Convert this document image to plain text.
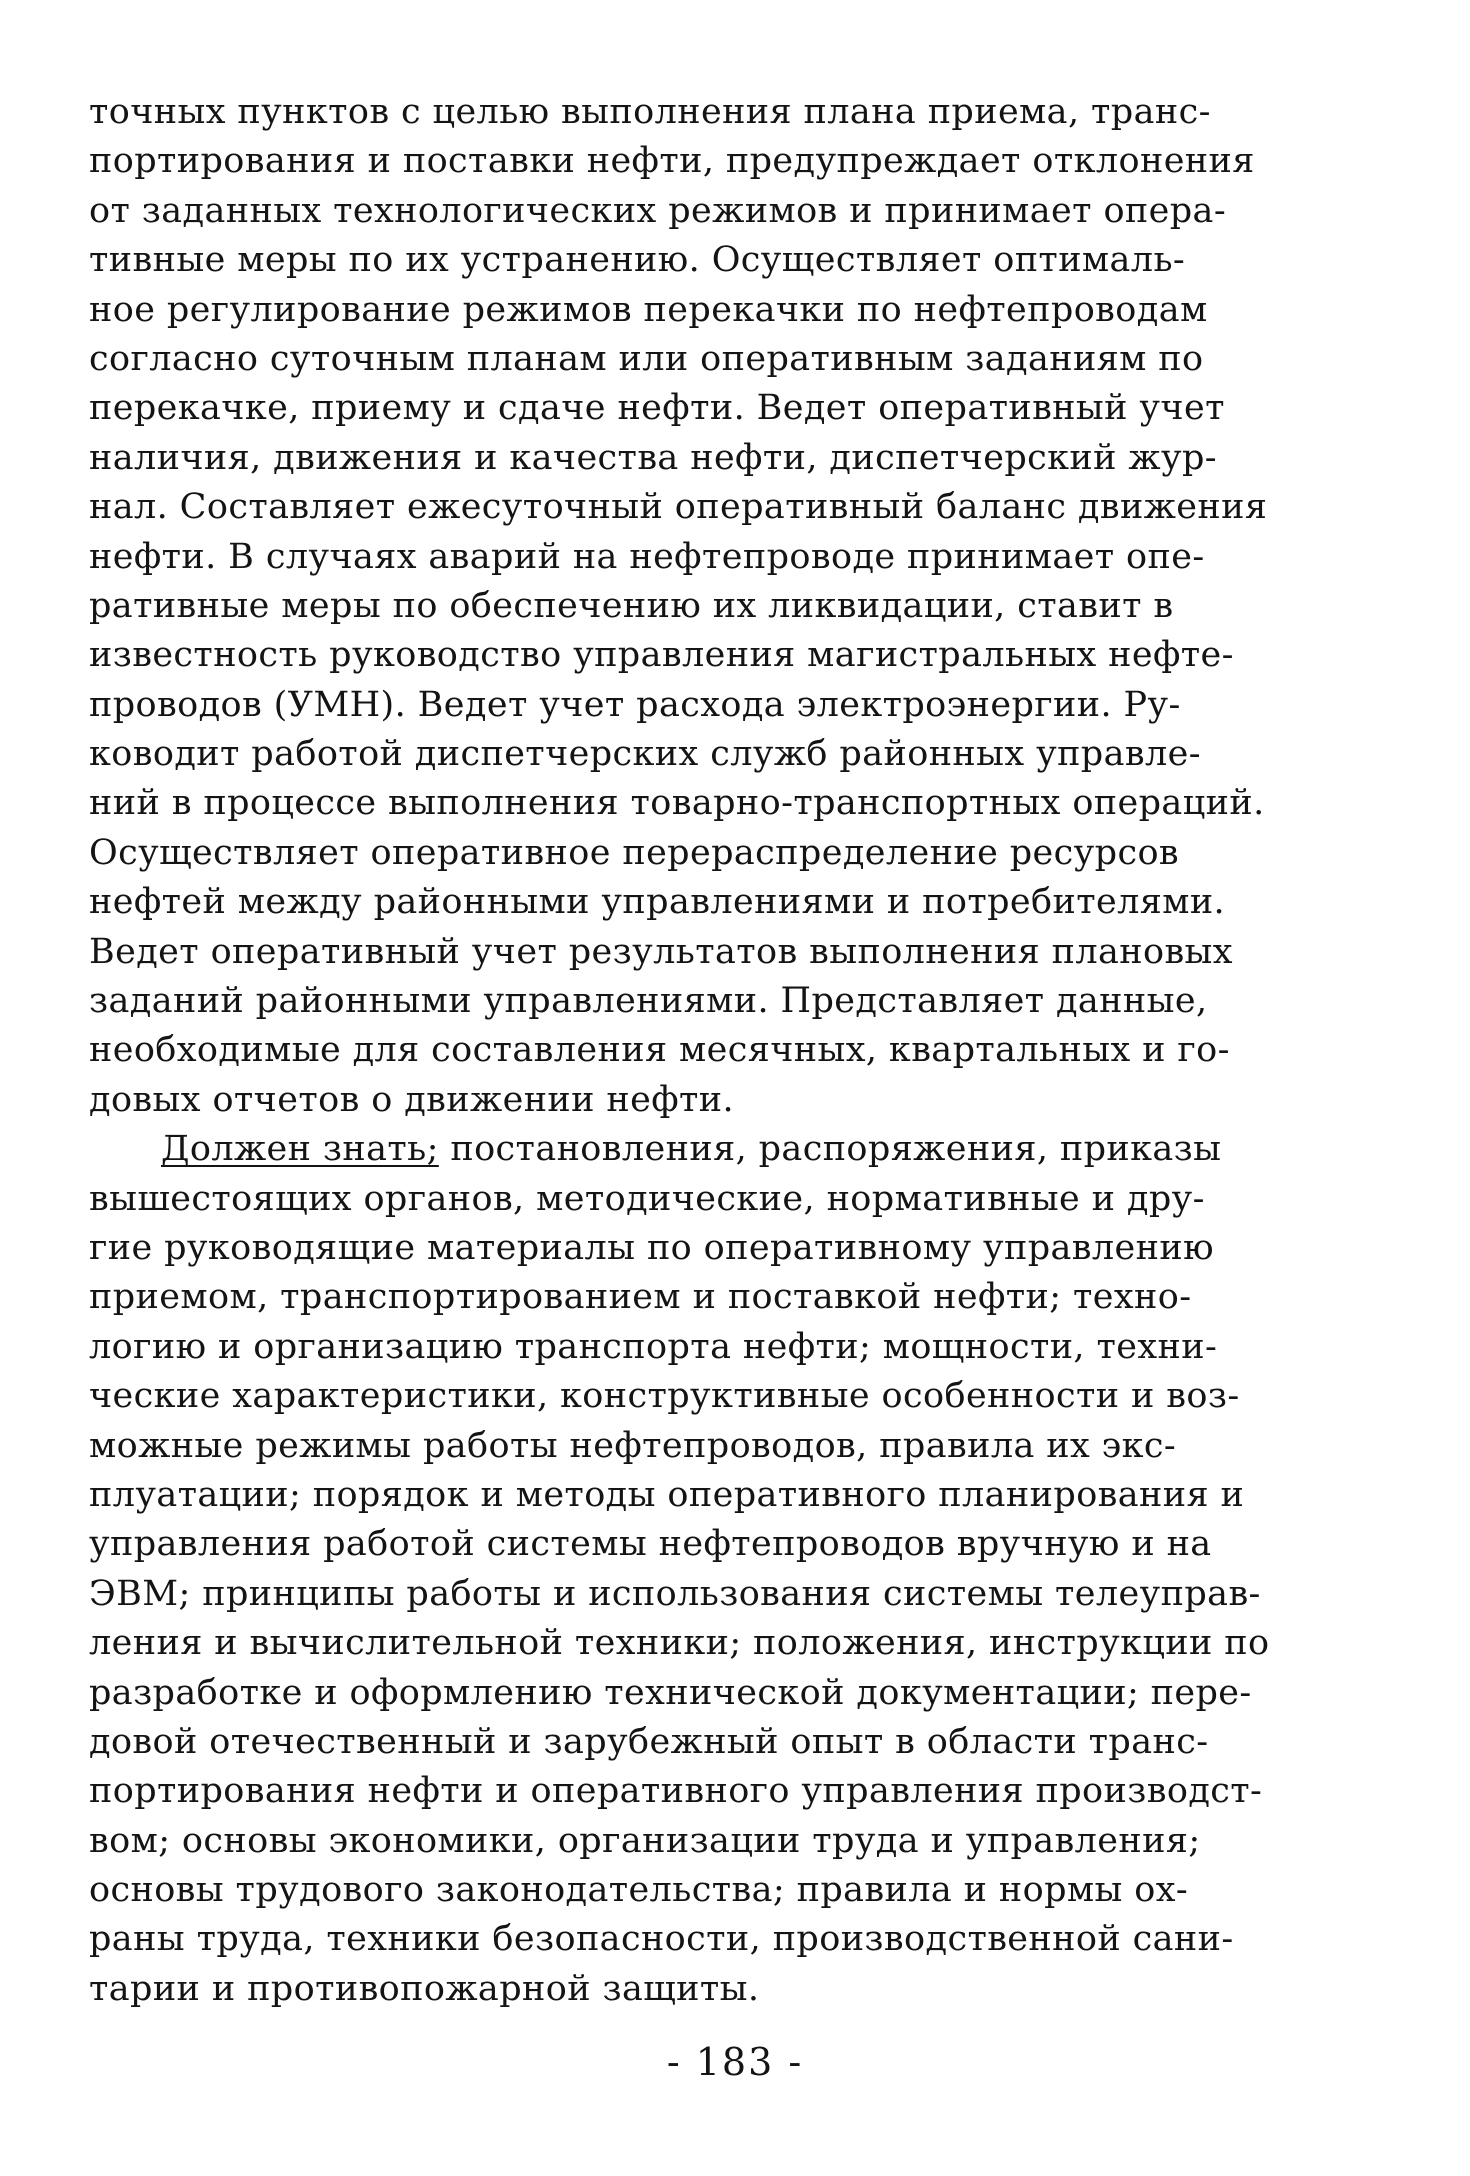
точных пунктов с целью выполнения плана приема, транс-
портирования и поставки нефти, предупреждает отклонения
от заданных технологических режимов и принимает опера-
тивные меры по их устранению. Осуществляет оптималь-
ное регулирование режимов перекачки по нефтепроводам
согласно суточным планам или оперативным заданиям по
перекачке, приему и сдаче нефти. Ведет оперативный учет
наличия, движения и качества нефти, диспетчерский жур-
нал. Составляет ежесуточный оперативный баланс движения
нефти. В случаях аварий на нефтепроводе принимает опе-
ративные меры по обеспечению их ликвидации, ставит в
известность руководство управления магистральных нефте-
проводов (УМН). Ведет учет расхода электроэнергии. Ру-
ководит работой диспетчерских служб районных управле-
ний в процессе выполнения товарно-транспортных операций.
Осуществляет оперативное перераспределение ресурсов
нефтей между районными управлениями и потребителями.
Ведет оперативный учет результатов выполнения плановых
заданий районными управлениями. Представляет данные,
необходимые для составления месячных, квартальных и го-
довых отчетов о движении нефти.
Должен знать; постановления, распоряжения, приказы
вышестоящих органов, методические, нормативные и дру-
гие руководящие материалы по оперативному управлению
приемом, транспортированием и поставкой нефти; техно-
логию и организацию транспорта нефти; мощности, техни-
ческие характеристики, конструктивные особенности и воз-
можные режимы работы нефтепроводов, правила их экс-
плуатации; порядок и методы оперативного планирования и
управления работой системы нефтепроводов вручную и на
ЭВМ; принципы работы и использования системы телеуправ-
ления и вычислительной техники; положения, инструкции по
разработке и оформлению технической документации; пере-
довой отечественный и зарубежный опыт в области транс-
портирования нефти и оперативного управления производст-
вом; основы экономики, организации труда и управления;
основы трудового законодательства; правила и нормы ох-
раны труда, техники безопасности, производственной сани-
тарии и противопожарной защиты.
- 183 -
